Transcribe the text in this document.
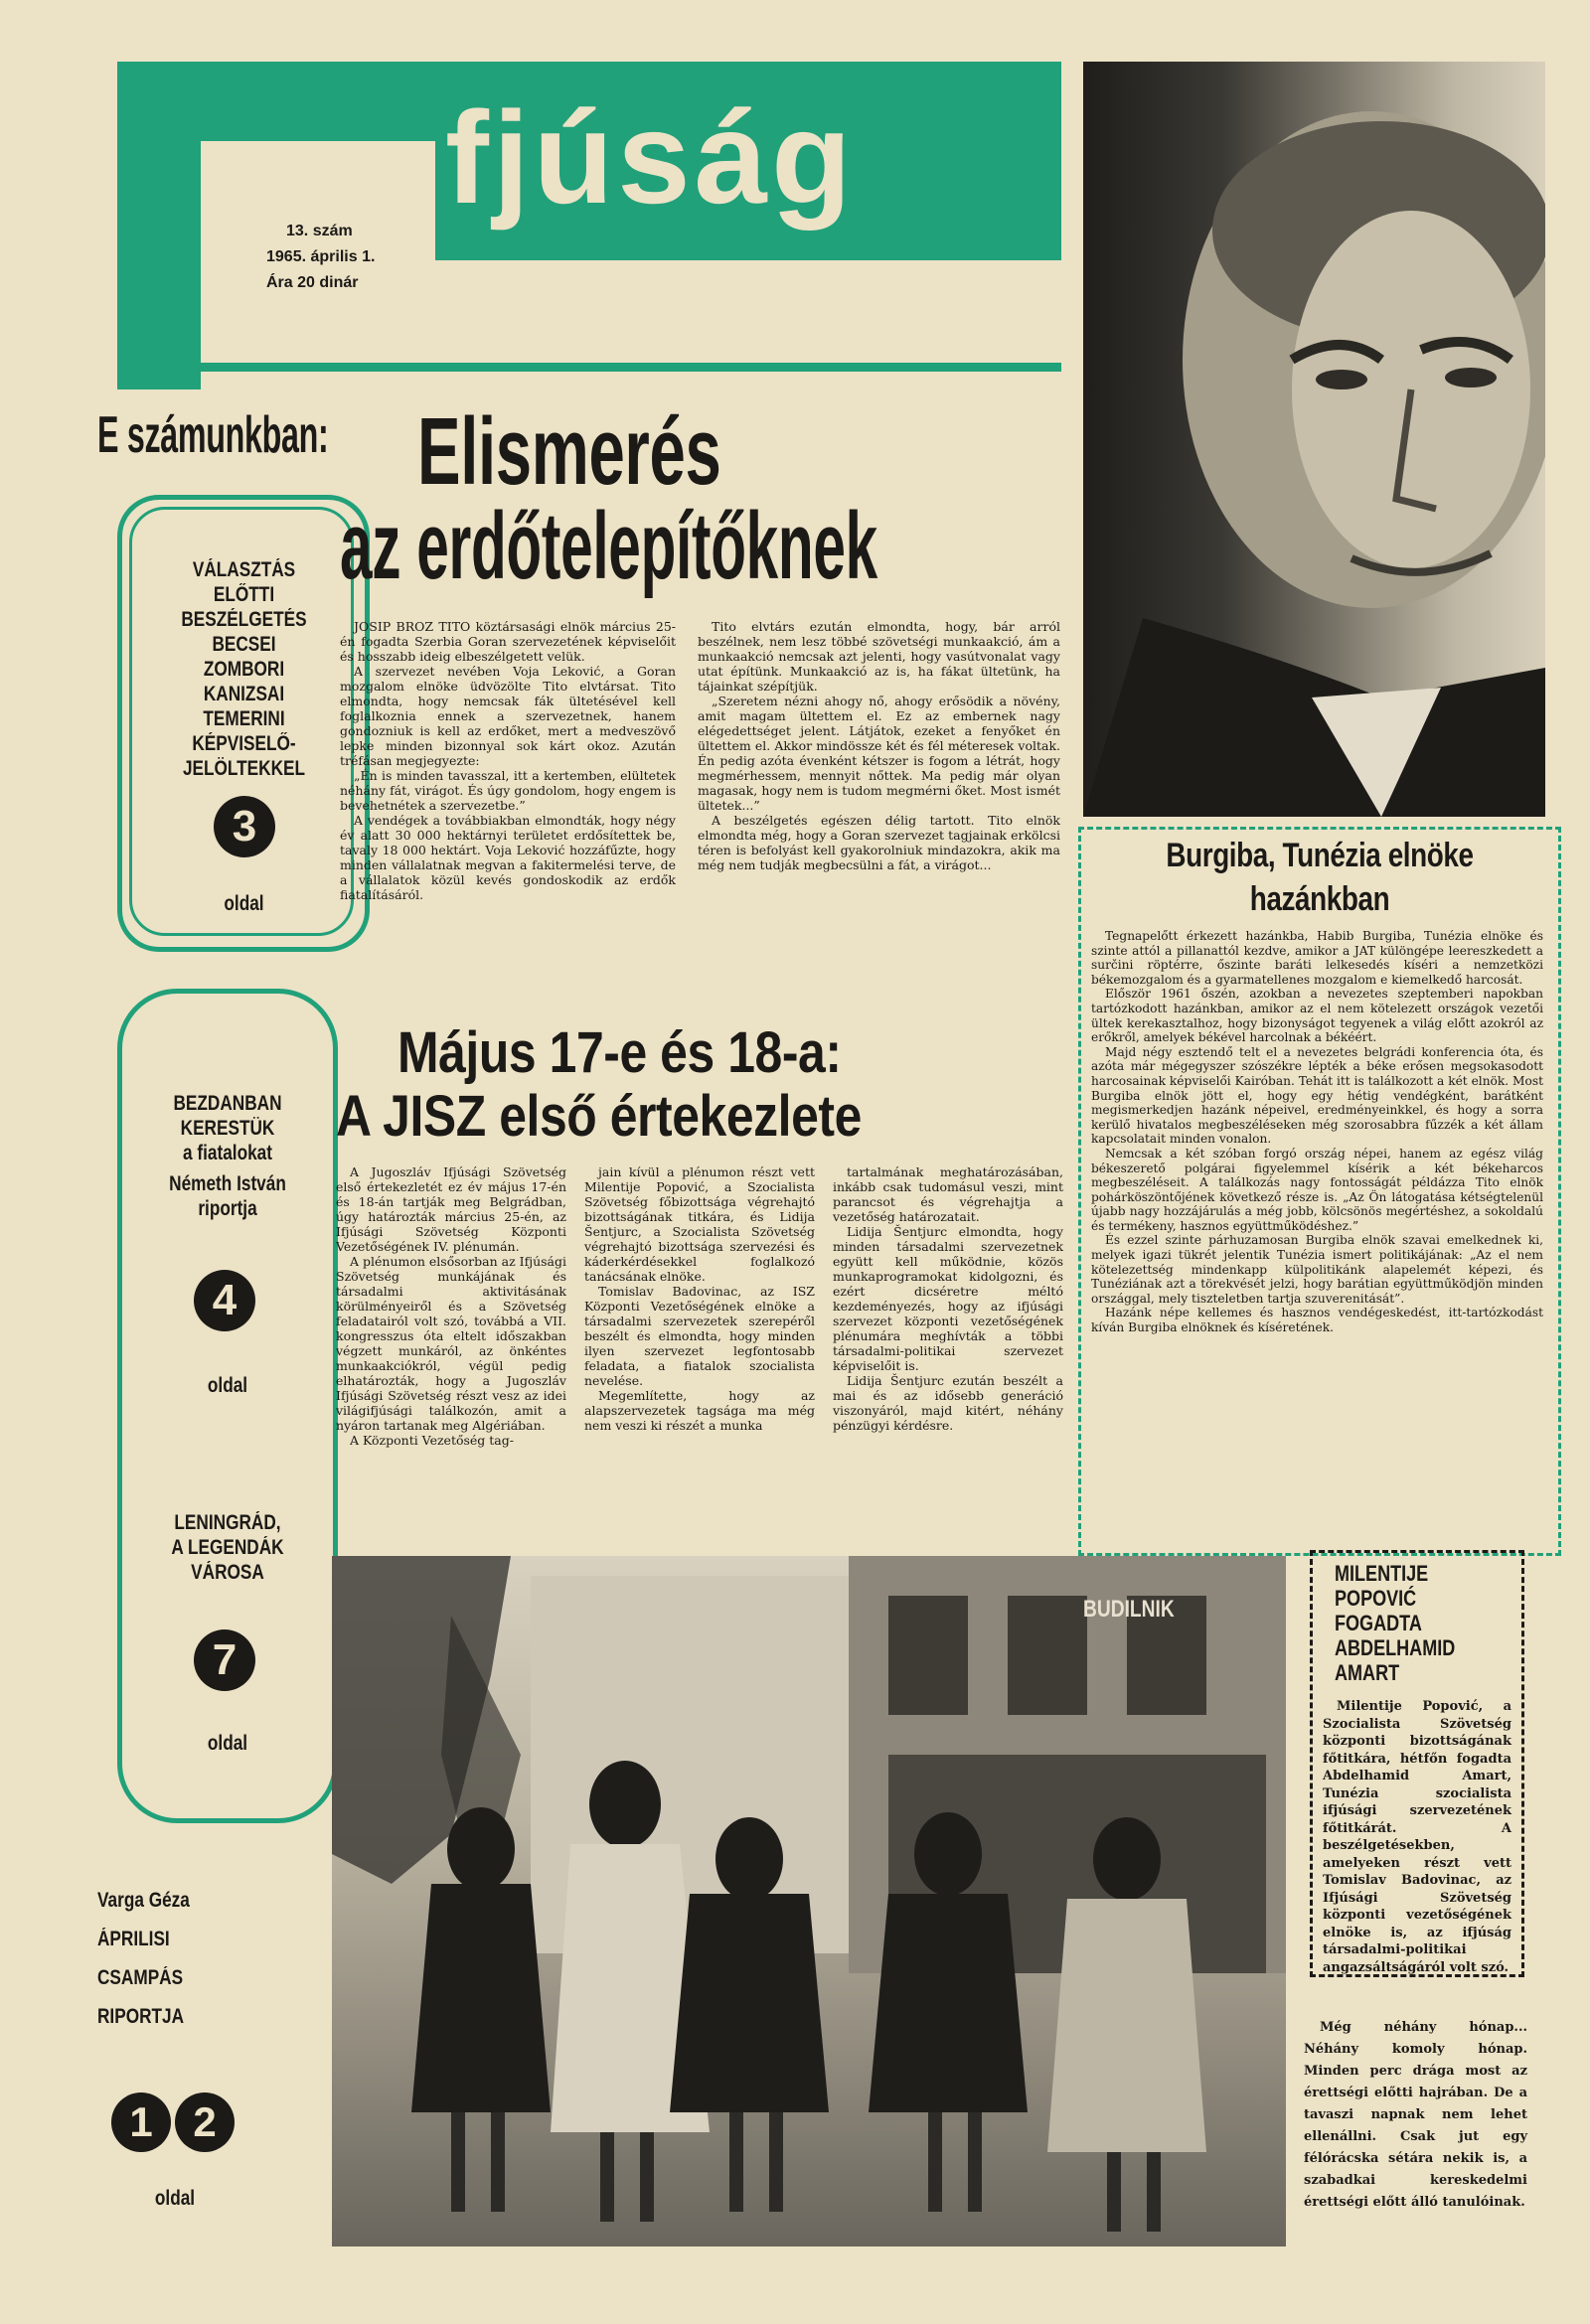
fjúság
13. szám
1965. április 1.
Ára 20 dinár
E számunkban:
VÁLASZTÁS
ELŐTTI
BESZÉLGETÉS
BECSEI
ZOMBORI
KANIZSAI
TEMERINI
KÉPVISELŐ-
JELÖLTEKKEL
3
oldal
BEZDANBAN
KERESTÜK
a fiatalokat
Németh István
riportja
4
oldal
LENINGRÁD,
A LEGENDÁK
VÁROSA
7
oldal
Varga Géza
ÁPRILISI
CSAMPÁS
RIPORTJA
1 2
oldal
Elismerés
az erdőtelepítőknek

JOSIP BROZ TITO köztársasági elnök március 25-én fogadta Szerbia Goran szervezetének képviselőit és hosszabb ideig elbeszélgetett velük.

A szervezet nevében Voja Leković, a Goran mozgalom elnöke üdvözölte Tito elvtársat. Tito elmondta, hogy nemcsak fák ültetésével kell foglalkoznia ennek a szervezetnek, hanem gondozniuk is kell az erdőket, mert a medveszövő lepke minden bizonnyal sok kárt okoz. Azután tréfásan megjegyezte:

„Én is minden tavasszal, itt a kertemben, elültetek néhány fát, virágot. És úgy gondolom, hogy engem is bevehetnétek a szervezetbe.”

A vendégek a továbbiakban elmondták, hogy négy év alatt 30 000 hektárnyi területet erdősítettek be, tavaly 18 000 hektárt. Voja Leković hozzáfűzte, hogy minden vállalatnak megvan a fakitermelési terve, de a vállalatok közül kevés gondoskodik az erdők fiatalításáról.

Tito elvtárs ezután elmondta, hogy, bár arról beszélnek, nem lesz többé szövetségi munkaakció, ám a munkaakció nemcsak azt jelenti, hogy vasútvonalat vagy utat építünk. Munkaakció az is, ha fákat ültetünk, ha tájainkat szépítjük.

„Szeretem nézni ahogy nő, ahogy erősödik a növény, amit magam ültettem el. Ez az embernek nagy elégedettséget jelent. Látjátok, ezeket a fenyőket én ültettem el. Akkor mindössze két és fél méteresek voltak. Én pedig azóta évenként kétszer is fogom a létrát, hogy megmérhessem, mennyit nőttek. Ma pedig már olyan magasak, hogy nem is tudom megmérni őket. Most ismét ültetek...”

A beszélgetés egészen délig tartott. Tito elnök elmondta még, hogy a Goran szervezet tagjainak erkölcsi téren is befolyást kell gyakorolniuk mindazokra, akik ma még nem tudják megbecsülni a fát, a virágot...	Burgiba, Tunézia elnöke
hazánkban

Tegnapelőtt érkezett hazánkba, Habib Burgiba, Tunézia elnöke és szinte attól a pillanattól kezdve, amikor a JAT különgépe leereszkedett a surčini röptérre, őszinte baráti lelkesedés kíséri a nemzetközi békemozgalom és a gyarmatellenes mozgalom e kiemelkedő harcosát.

Először 1961 őszén, azokban a nevezetes szeptemberi napokban tartózkodott hazánkban, amikor az el nem kötelezett országok vezetői ültek kerekasztalhoz, hogy bizonyságot tegyenek a világ előtt azokról az erőkről, amelyek békével harcolnak a békéért.

Majd négy esztendő telt el a nevezetes belgrádi konferencia óta, és azóta már mégegyszer szószékre lépték a béke erősen megsokasodott harcosainak képviselői Kairóban. Tehát itt is találkozott a két elnök. Most Burgiba elnök jött el, hogy egy hétig vendégként, barátként megismerkedjen hazánk népeivel, eredményeinkkel, és hogy a sorra kerülő hivatalos megbeszéléseken még szorosabbra fűzzék a két állam kapcsolatait minden vonalon.

Nemcsak a két szóban forgó ország népei, hanem az egész világ békeszerető polgárai figyelemmel kísérik a két békeharcos megbeszéléseit. A találkozás nagy fontosságát példázza Tito elnök pohárköszöntőjének következő része is. „Az Ön látogatása kétségtelenül újabb nagy hozzájárulás a még jobb, kölcsönös megértéshez, a sokoldalú és termékeny, hasznos együttműködéshez.”

És ezzel szinte párhuzamosan Burgiba elnök szavai emelkednek ki, melyek igazi tükrét jelentik Tunézia ismert politikájának: „Az el nem kötelezettség mindenkapp külpolitikánk alapelemét képezi, és Tunéziának azt a törekvését jelzi, hogy barátian együttműködjön minden országgal, mely tiszteletben tartja szuverenitását”.

Hazánk népe kellemes és hasznos vendégeskedést, itt-tartózkodást kíván Burgiba elnöknek és kíséretének.

Május 17-e és 18-a:
A JISZ első értekezlete

A Jugoszláv Ifjúsági Szövetség első értekezletét ez év május 17-én és 18-án tartják meg Belgrádban, úgy határozták március 25-én, az Ifjúsági Szövetség Központi Vezetőségének IV. plénumán.

A plénumon elsősorban az Ifjúsági Szövetség munkájának és társadalmi aktivitásának körülményeiről és a Szövetség feladatairól volt szó, továbbá a VII. kongresszus óta eltelt időszakban végzett munkáról, az önkéntes munkaakciókról, végül pedig elhatározták, hogy a Jugoszláv Ifjúsági Szövetség részt vesz az idei világifjúsági találkozón, amit a nyáron tartanak meg Algériában.

A Központi Vezetőség tag-

jain kívül a plénumon részt vett Milentije Popović, a Szocialista Szövetség főbizottsága végrehajtó bizottságának titkára, és Lidija Šentjurc, a Szocialista Szövetség végrehajtó bizottsága szervezési és káderkérdésekkel foglalkozó tanácsának elnöke.

Tomislav Badovinac, az ISZ Központi Vezetőségének elnöke a társadalmi szervezetek szerepéről beszélt és elmondta, hogy minden ilyen szervezet legfontosabb feladata, a fiatalok szocialista nevelése.

Megemlítette, hogy az alapszervezetek tagsága ma még nem veszi ki részét a munka

tartalmának meghatározásában, inkább csak tudomásul veszi, mint parancsot és végrehajtja a vezetőség határozatait.

Lidija Šentjurc elmondta, hogy minden társadalmi szervezetnek együtt kell működnie, közös munkaprogramokat kidolgozni, és ezért dicséretre méltó kezdeményezés, hogy az ifjúsági szervezet központi vezetőségének plénumára meghívták a többi társadalmi-politikai szervezet képviselőit is.

Lidija Šentjurc ezután beszélt a mai és az idősebb generáció viszonyáról, majd kitért, néhány pénzügyi kérdésre.

BUDILNIK
MILENTIJE
POPOVIĆ
FOGADTA
ABDELHAMID
AMART
Milentije Popović, a Szocialista Szövetség központi bizottságának főtitkára, hétfőn fogadta Abdelhamid Amart, Tunézia szocialista ifjúsági szervezetének főtitkárát. A beszélgetésekben, amelyeken részt vett Tomislav Badovinac, az Ifjúsági Szövetség központi vezetőségének elnöke is, az ifjúság társadalmi-politikai angazsáltságáról volt szó.
Még néhány hónap... Néhány komoly hónap. Minden perc drága most az érettségi előtti hajrában. De a tavaszi napnak nem lehet ellenállni. Csak jut egy félórácska sétára nekik is, a szabadkai kereskedelmi érettségi előtt álló tanulóinak.
